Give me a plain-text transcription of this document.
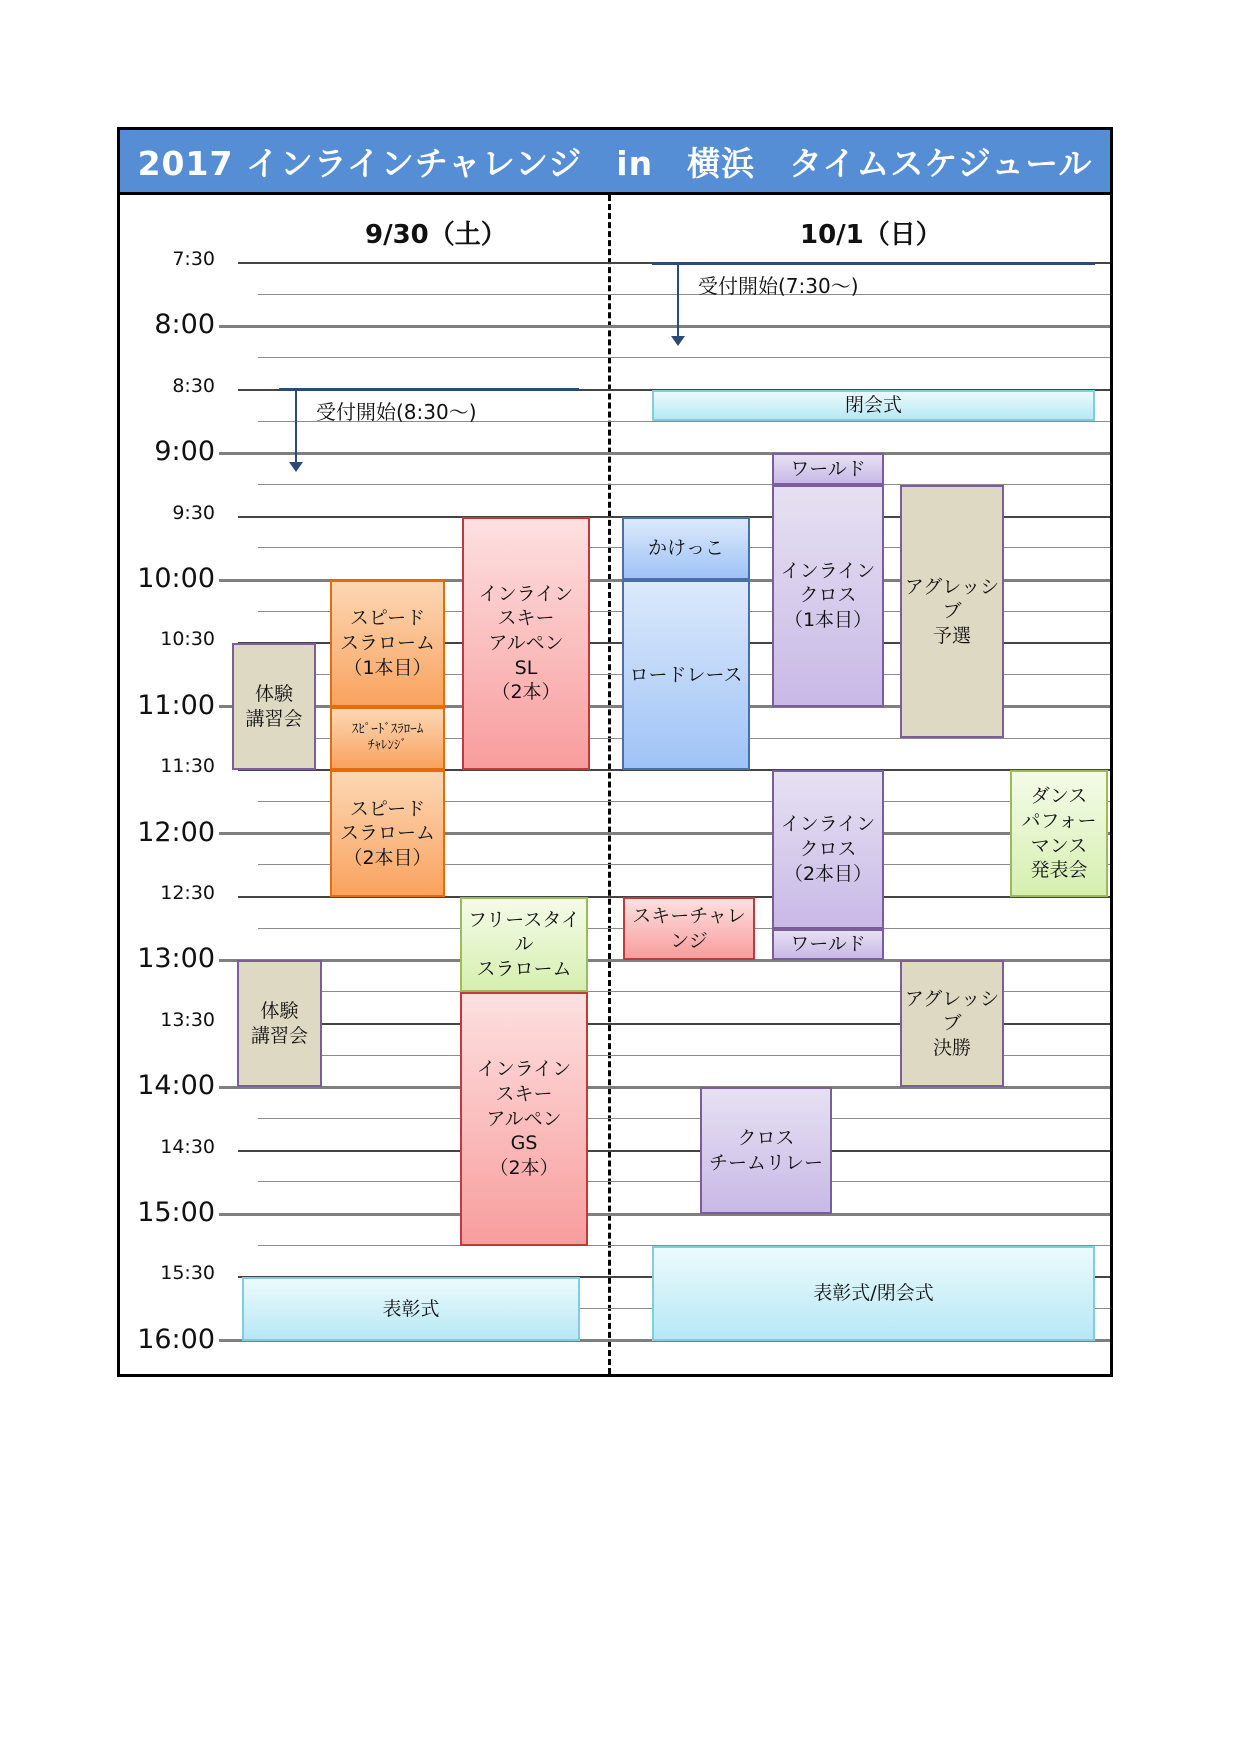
2017 インラインチャレンジ　in　横浜　タイムスケジュール
9/30（土）	10/1（日）
7:30
8:00
8:30
9:00
9:30
10:00
10:30
11:00
11:30
12:00
12:30
13:00
13:30
14:00
14:30
15:00
15:30
16:00
受付開始(8:30～)
受付開始(7:30～)
体験
講習会
スピード
スラローム
（1本目）
ｽﾋﾟｰﾄﾞｽﾗﾛｰﾑ
ﾁｬﾚﾝｼﾞ
スピード
スラローム
（2本目）
インライン
スキー
アルペン
SL
（2本）
フリースタイル
スラローム
体験
講習会
インライン
スキー
アルペン
GS
（2本）
表彰式
閉会式
ワールド
かけっこ
ロードレース
インライン
クロス
（1本目）
アグレッシブ
予選
インライン
クロス
（2本目）
ワールド
ダンス
パフォー
マンス
発表会
スキーチャレンジ
アグレッシブ
決勝
クロス
チームリレー
表彰式/閉会式
